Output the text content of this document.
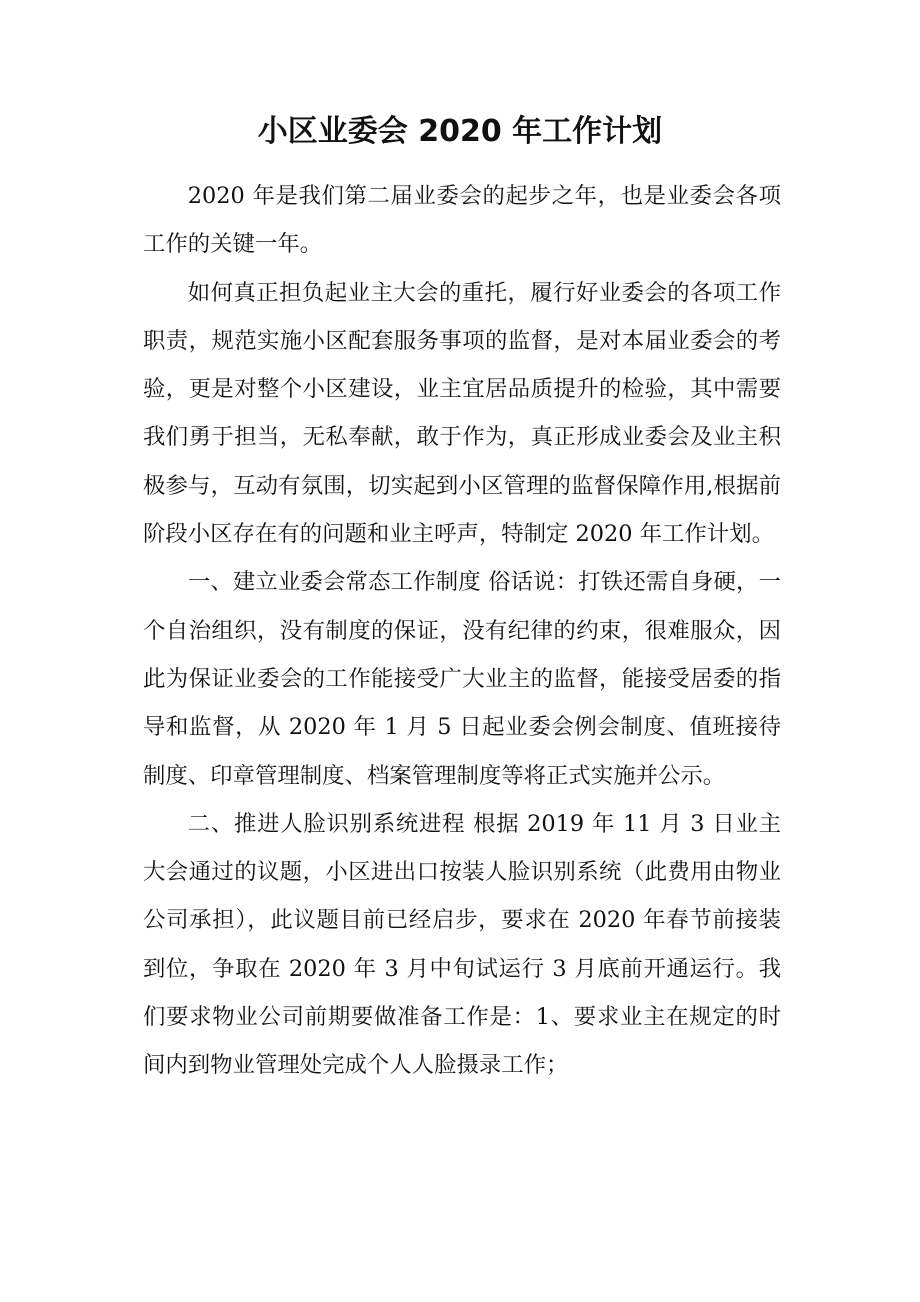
小区业委会 2020 年工作计划

2020 年是我们第二届业委会的起步之年，也是业委会各项工作的关键一年。

如何真正担负起业主大会的重托，履行好业委会的各项工作职责，规范实施小区配套服务事项的监督，是对本届业委会的考验，更是对整个小区建设，业主宜居品质提升的检验，其中需要我们勇于担当，无私奉献，敢于作为，真正形成业委会及业主积极参与，互动有氛围，切实起到小区管理的监督保障作用,根据前阶段小区存在有的问题和业主呼声，特制定 2020 年工作计划。

一、建立业委会常态工作制度 俗话说：打铁还需自身硬，一个自治组织，没有制度的保证，没有纪律的约束，很难服众，因此为保证业委会的工作能接受广大业主的监督，能接受居委的指导和监督，从 2020 年 1 月 5 日起业委会例会制度、值班接待制度、印章管理制度、档案管理制度等将正式实施并公示。

二、推进人脸识别系统进程 根据 2019 年 11 月 3 日业主大会通过的议题，小区进出口按装人脸识别系统（此费用由物业公司承担），此议题目前已经启步，要求在 2020 年春节前接装到位，争取在 2020 年 3 月中旬试运行 3 月底前开通运行。我们要求物业公司前期要做准备工作是：1、要求业主在规定的时间内到物业管理处完成个人人脸摄录工作；
